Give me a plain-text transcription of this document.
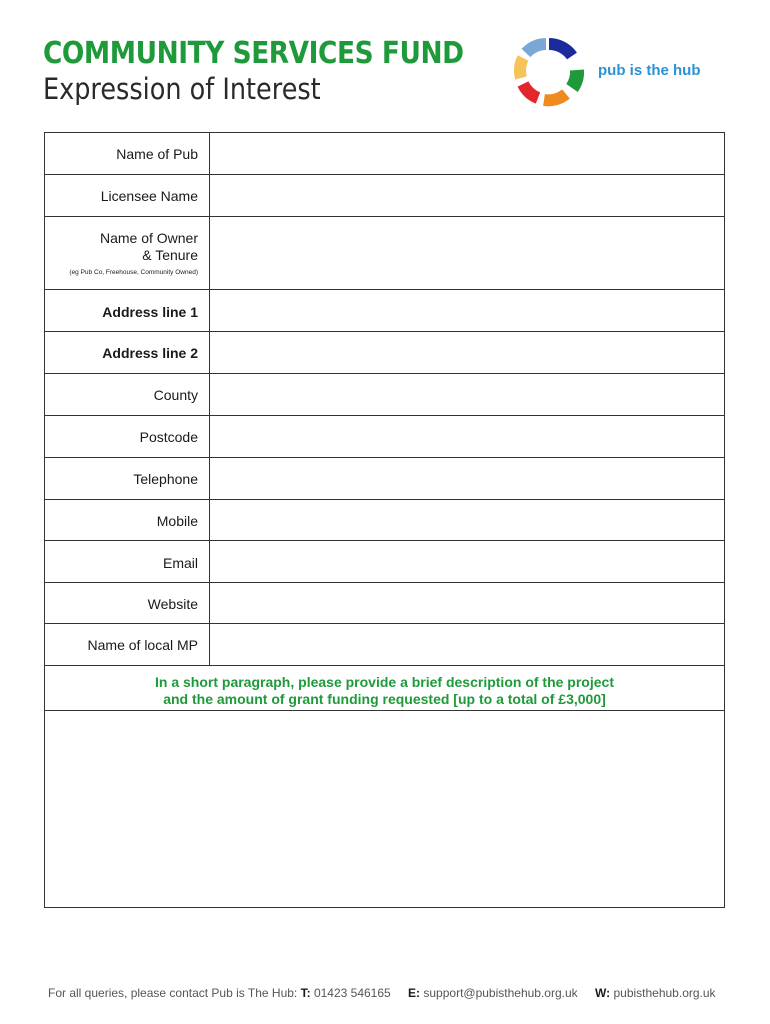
COMMUNITY SERVICES FUND
Expression of Interest
pub is the hub
Name of Pub
Licensee Name
Name of Owner
& Tenure
(eg Pub Co, Freehouse, Community Owned)
Address line 1
Address line 2
County
Postcode
Telephone
Mobile
Email
Website
Name of local MP
In a short paragraph, please provide a brief description of the project
and the amount of grant funding requested [up to a total of £3,000]
For all queries, please contact Pub is The Hub: T: 01423 546165 E: support@pubisthehub.org.uk W: pubisthehub.org.uk
